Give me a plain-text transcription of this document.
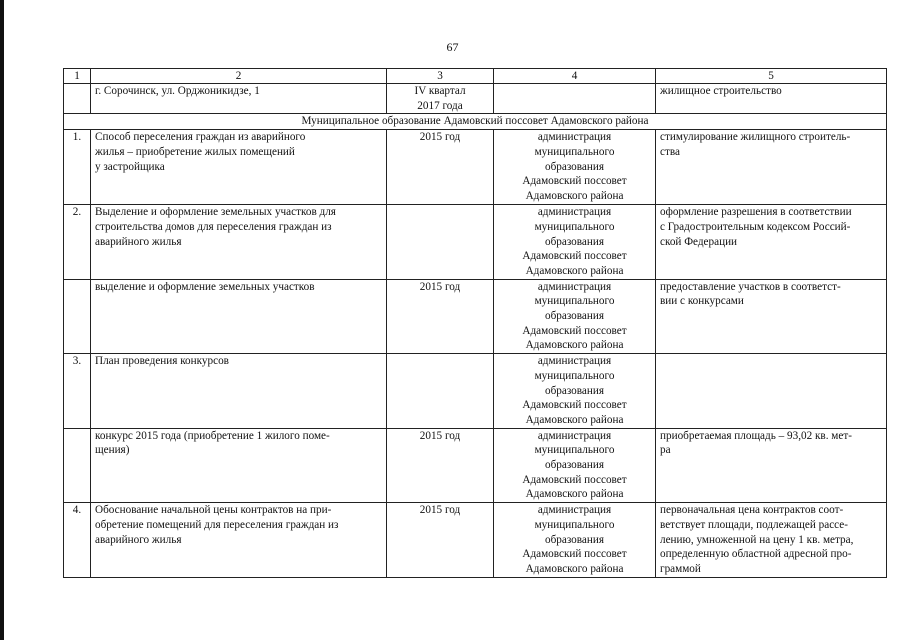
67
1	2	3	4	5

	г. Сорочинск, ул. Орджоникидзе, 1	IV квартал
2017 года		жилищное строительство

Муниципальное образование Адамовский поссовет Адамовского района				
1.	Способ переселения граждан из аварийного
жилья – приобретение жилых помещений
у застройщика	2015 год	администрация
муниципального
образования
Адамовский поссовет
Адамовского района	стимулирование жилищного строитель-
ства

2.	Выделение и оформление земельных участков для
строительства домов для переселения граждан из
аварийного жилья		администрация
муниципального
образования
Адамовский поссовет
Адамовского района	оформление разрешения в соответствии
с Градостроительным кодексом Россий-
ской Федерации

	выделение и оформление земельных участков	2015 год	администрация
муниципального
образования
Адамовский поссовет
Адамовского района	предоставление участков в соответст-
вии с конкурсами

3.	План проведения конкурсов		администрация
муниципального
образования
Адамовский поссовет
Адамовского района	

	конкурс 2015 года (приобретение 1 жилого поме-
щения)	2015 год	администрация
муниципального
образования
Адамовский поссовет
Адамовского района	приобретаемая площадь – 93,02 кв. мет-
ра

4.	Обоснование начальной цены контрактов на при-
обретение помещений для переселения граждан из
аварийного жилья	2015 год	администрация
муниципального
образования
Адамовский поссовет
Адамовского района	первоначальная цена контрактов соот-
ветствует площади, подлежащей рассе-
лению, умноженной на цену 1 кв. метра,
определенную областной адресной про-
граммой
